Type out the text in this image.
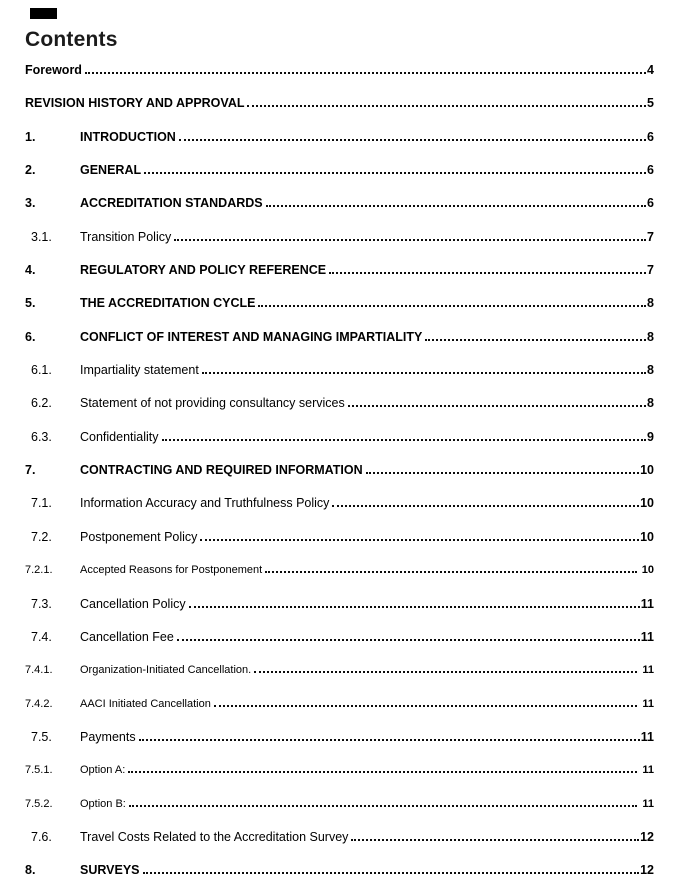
Contents
Foreword	4
REVISION HISTORY AND APPROVAL	5
1.	INTRODUCTION	6
2.	GENERAL	6
3.	ACCREDITATION STANDARDS	6
3.1.	Transition Policy	7
4.	REGULATORY AND POLICY REFERENCE	7
5.	THE ACCREDITATION CYCLE	8
6.	CONFLICT OF INTEREST AND MANAGING IMPARTIALITY	8
6.1.	Impartiality statement	8
6.2.	Statement of not providing consultancy services	8
6.3.	Confidentiality	9
7.	CONTRACTING AND REQUIRED INFORMATION	10
7.1.	Information Accuracy and Truthfulness Policy	10
7.2.	Postponement Policy	10
7.2.1.	Accepted Reasons for Postponement	10
7.3.	Cancellation Policy	11
7.4.	Cancellation Fee	11
7.4.1.	Organization-Initiated Cancellation.	11
7.4.2.	AACI Initiated Cancellation	11
7.5.	Payments	11
7.5.1.	Option A:	11
7.5.2.	Option B:	11
7.6.	Travel Costs Related to the Accreditation Survey	12
8.	SURVEYS	12
